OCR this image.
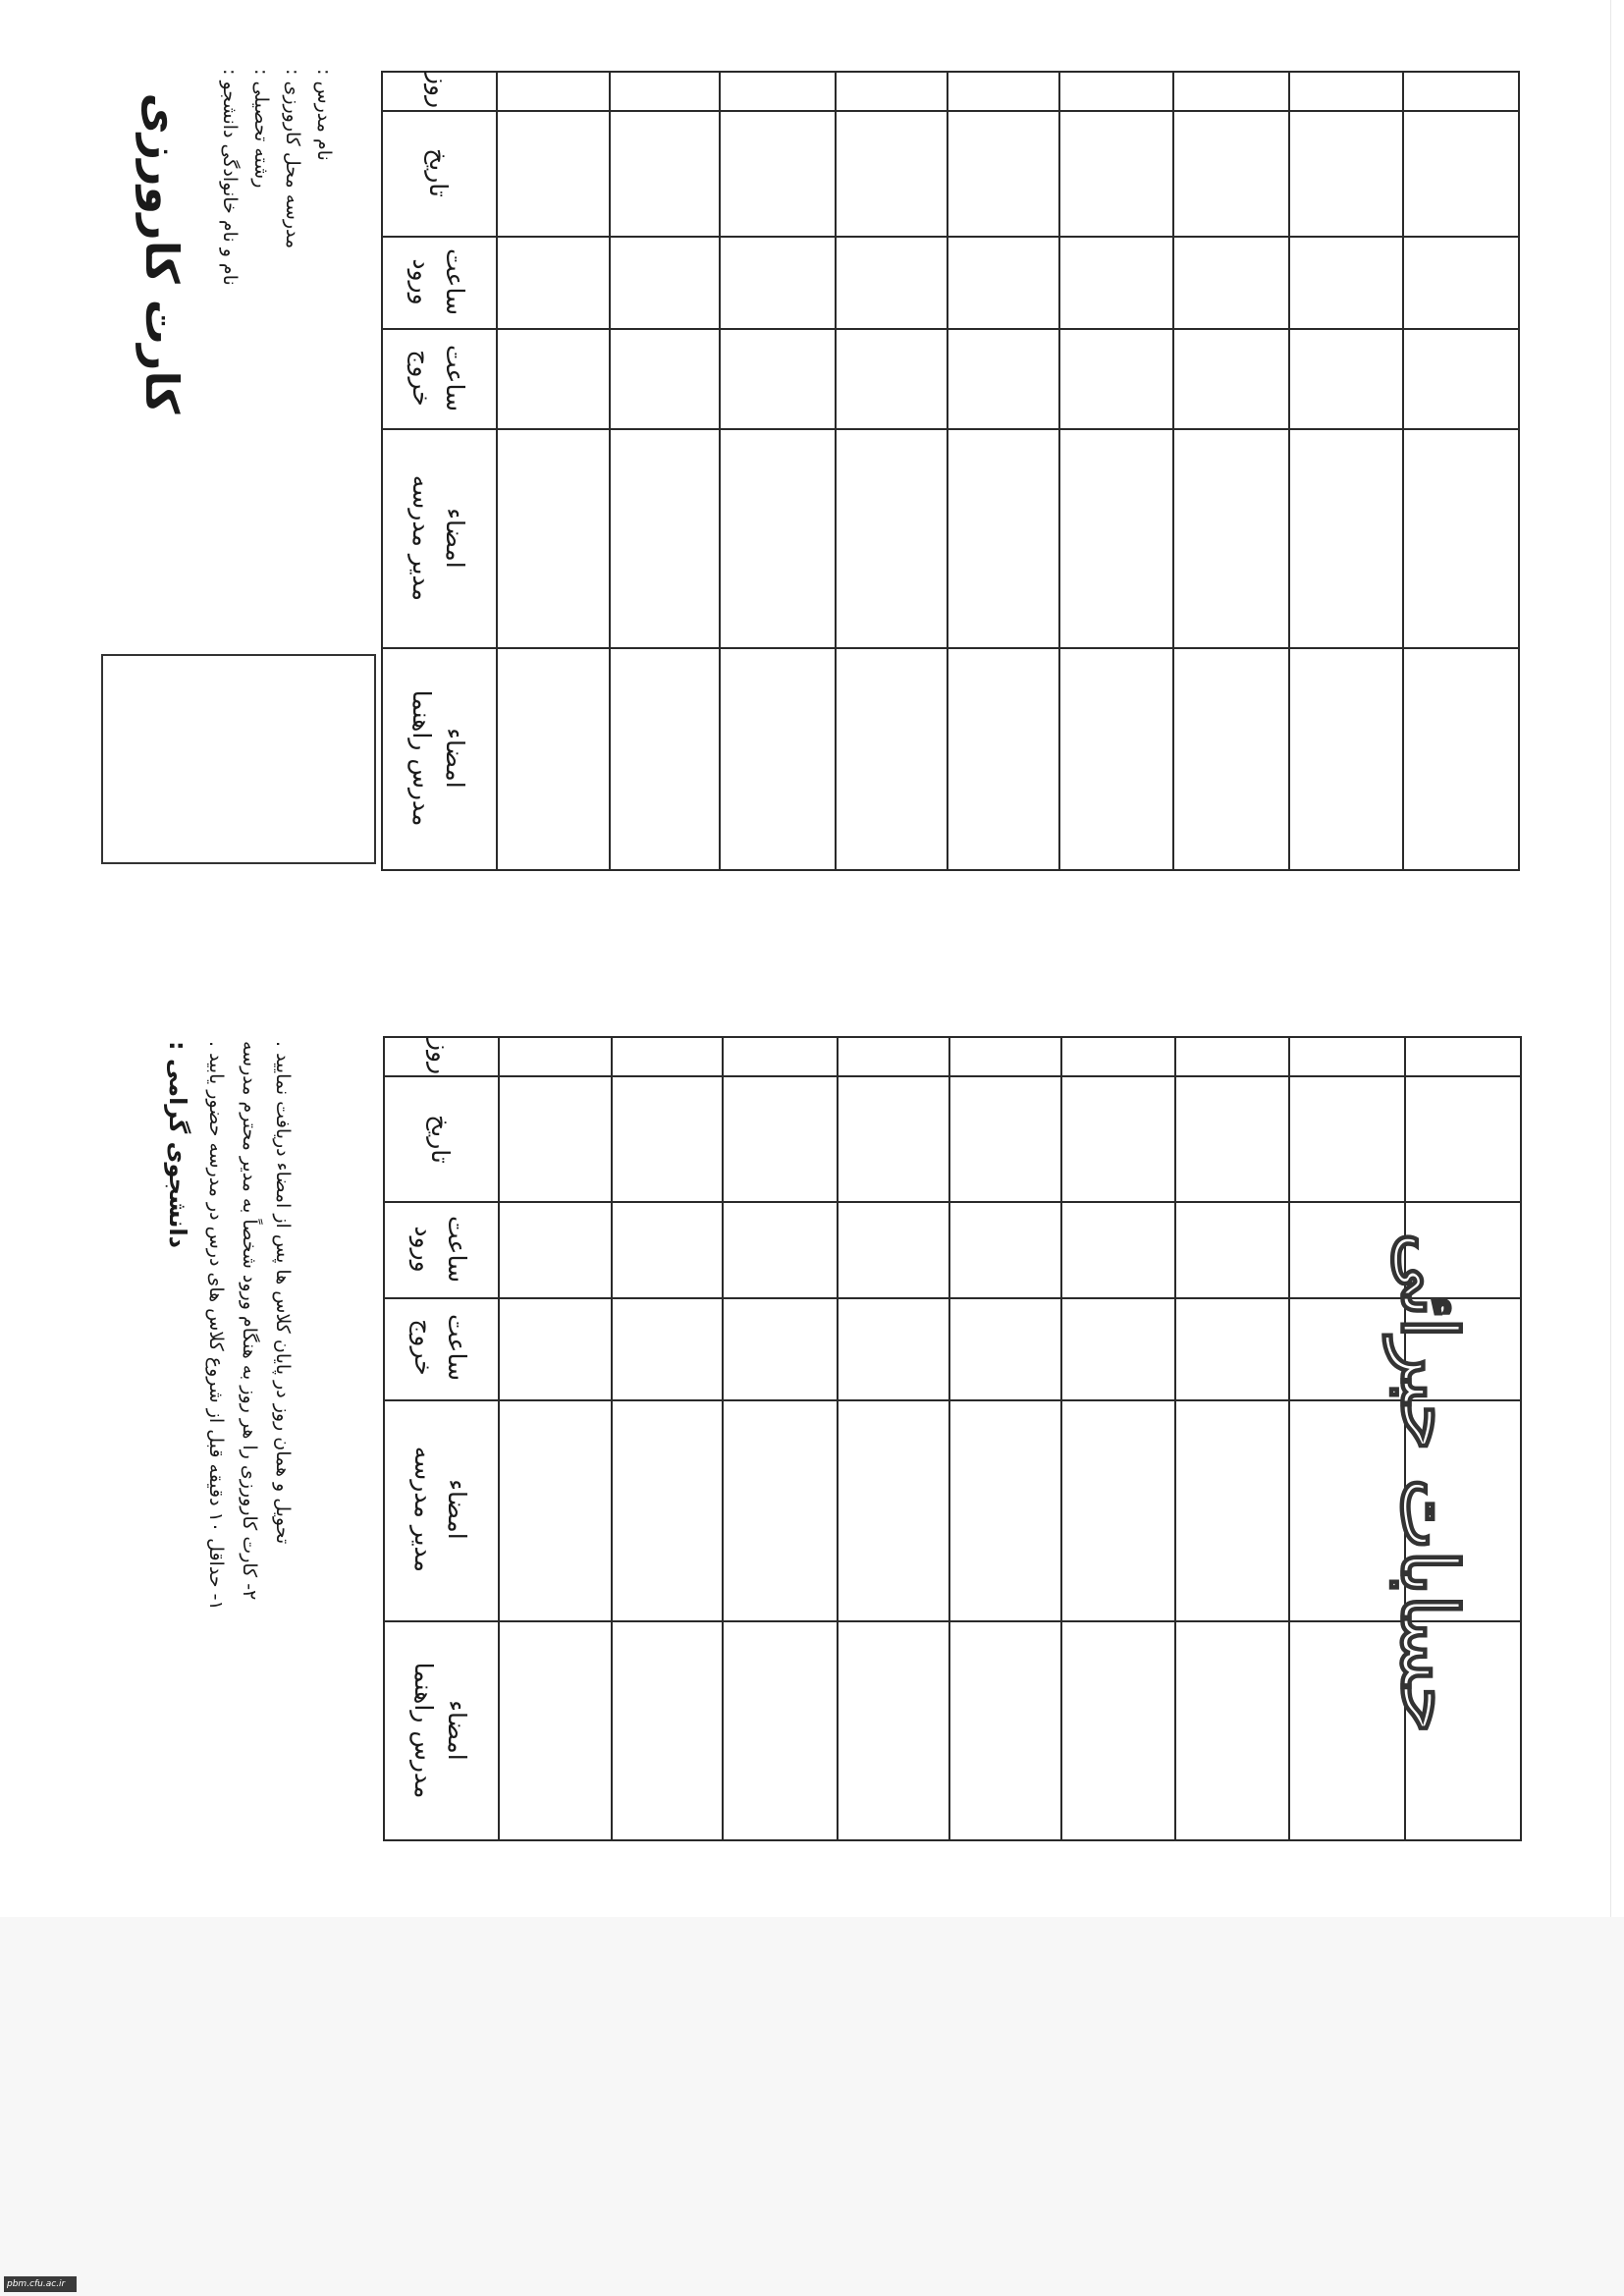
کارت کارورزی نام و نام خانوادگی دانشجو : رشته تحصیلی : مدرسه محل کارورزی : نام مدرس :
دانشجوی گرامی : ۱- حداقل ۱۰ دقیقه قبل از شروع کلاس های درس در مدرسه حضور یابید .
۲- کارت کارورزی را هر روز به هنگام ورود شخصاً به مدیر محترم مدرسه
تحویل و همان روز در پایان کلاس ها پس از امضاء دریافت نمایید .
روز
تاریخ
ساعت
ورود
ساعت
خروج
امضاء
مدیر مدرسه
امضاء
مدرس راهنما
روز
تاریخ
ساعت
ورود
ساعت
خروج
امضاء
مدیر مدرسه
امضاء
مدرس راهنما	حسابات حبرائی
pbm.cfu.ac.ir
